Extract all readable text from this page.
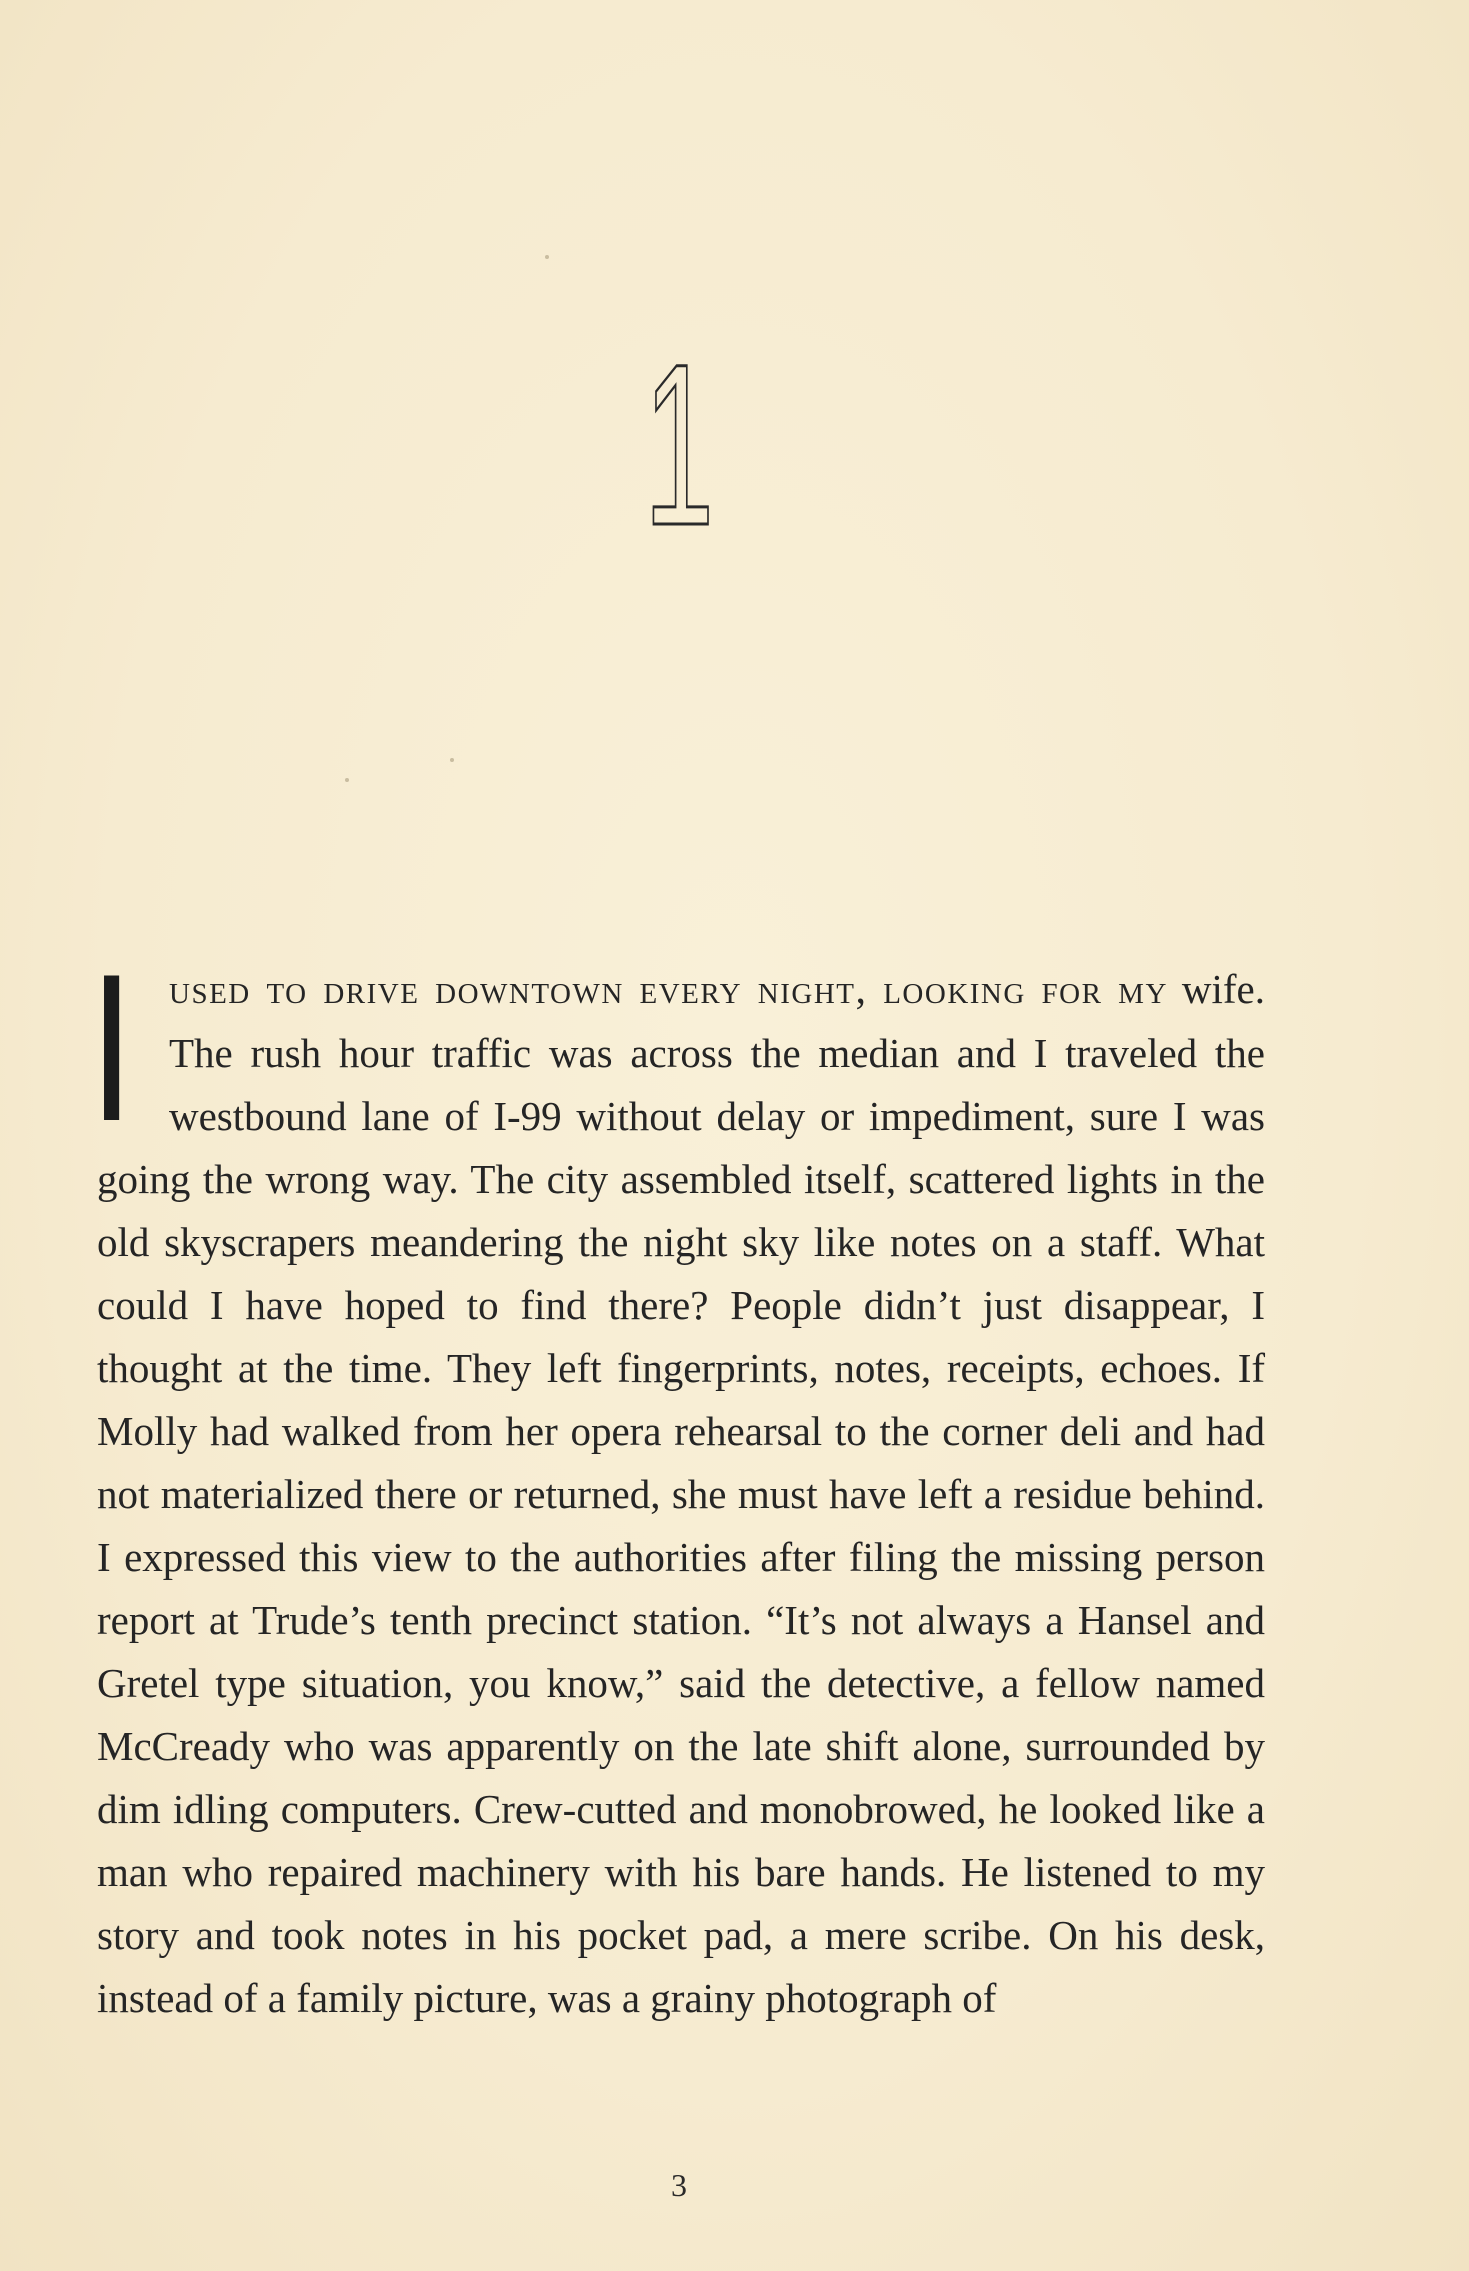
1
I used to drive downtown every night, looking for my wife. The rush hour traffic was across the median and I traveled the westbound lane of I-99 without delay or impediment, sure I was going the wrong way. The city assembled itself, scattered lights in the old skyscrapers meandering the night sky like notes on a staff. What could I have hoped to find there? People didn’t just disappear, I thought at the time. They left fingerprints, notes, receipts, echoes. If Molly had walked from her opera rehearsal to the corner deli and had not materialized there or returned, she must have left a residue behind. I expressed this view to the authorities after filing the missing person report at Trude’s tenth precinct station. “It’s not always a Hansel and Gretel type situation, you know,” said the detective, a fellow named McCready who was apparently on the late shift alone, surrounded by dim idling computers. Crew-cutted and monobrowed, he looked like a man who repaired machinery with his bare hands. He listened to my story and took notes in his pocket pad, a mere scribe. On his desk, instead of a family picture, was a grainy photograph of
3
